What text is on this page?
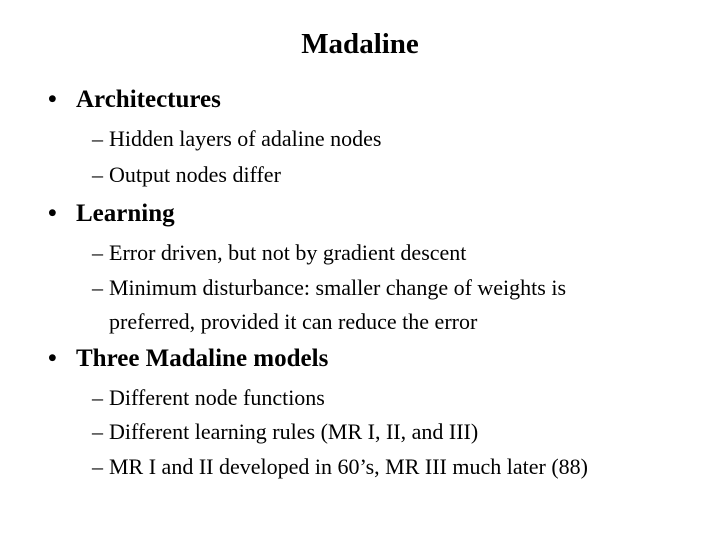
Madaline
• Architectures
– Hidden layers of adaline nodes
– Output nodes differ
• Learning
– Error driven, but not by gradient descent
– Minimum disturbance: smaller change of weights is
preferred, provided it can reduce the error
• Three Madaline models
– Different node functions
– Different learning rules (MR I, II, and III)
– MR I and II developed in 60’s, MR III much later (88)
